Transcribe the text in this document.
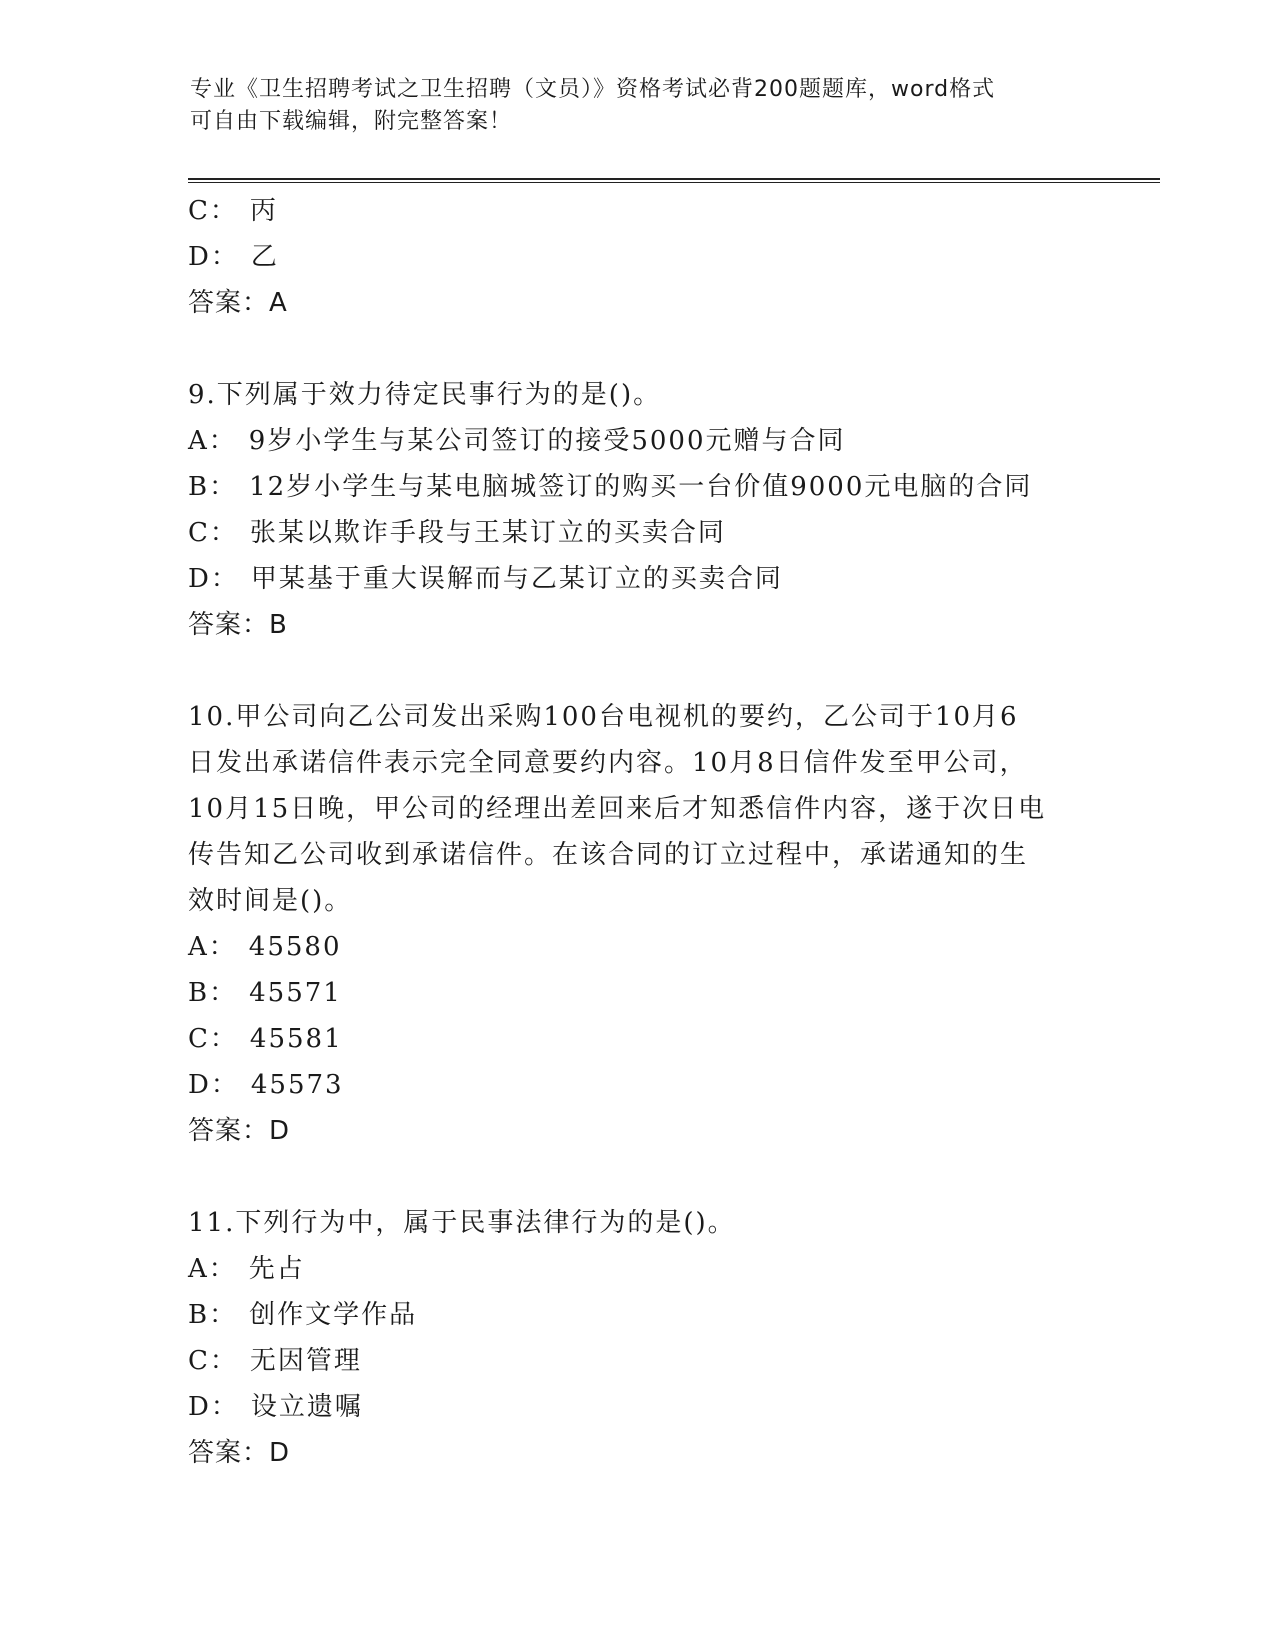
专业《卫生招聘考试之卫生招聘（文员）》资格考试必背200题题库，word格式
可自由下载编辑，附完整答案！
C： 丙
D： 乙
答案：A
9.下列属于效力待定民事行为的是()。
A： 9岁小学生与某公司签订的接受5000元赠与合同
B： 12岁小学生与某电脑城签订的购买一台价值9000元电脑的合同
C： 张某以欺诈手段与王某订立的买卖合同
D： 甲某基于重大误解而与乙某订立的买卖合同
答案：B
10.甲公司向乙公司发出采购100台电视机的要约，乙公司于10月6
日发出承诺信件表示完全同意要约内容。10月8日信件发至甲公司，
10月15日晚，甲公司的经理出差回来后才知悉信件内容，遂于次日电
传告知乙公司收到承诺信件。在该合同的订立过程中，承诺通知的生
效时间是()。
A： 45580
B： 45571
C： 45581
D： 45573
答案：D
11.下列行为中，属于民事法律行为的是()。
A： 先占
B： 创作文学作品
C： 无因管理
D： 设立遗嘱
答案：D
